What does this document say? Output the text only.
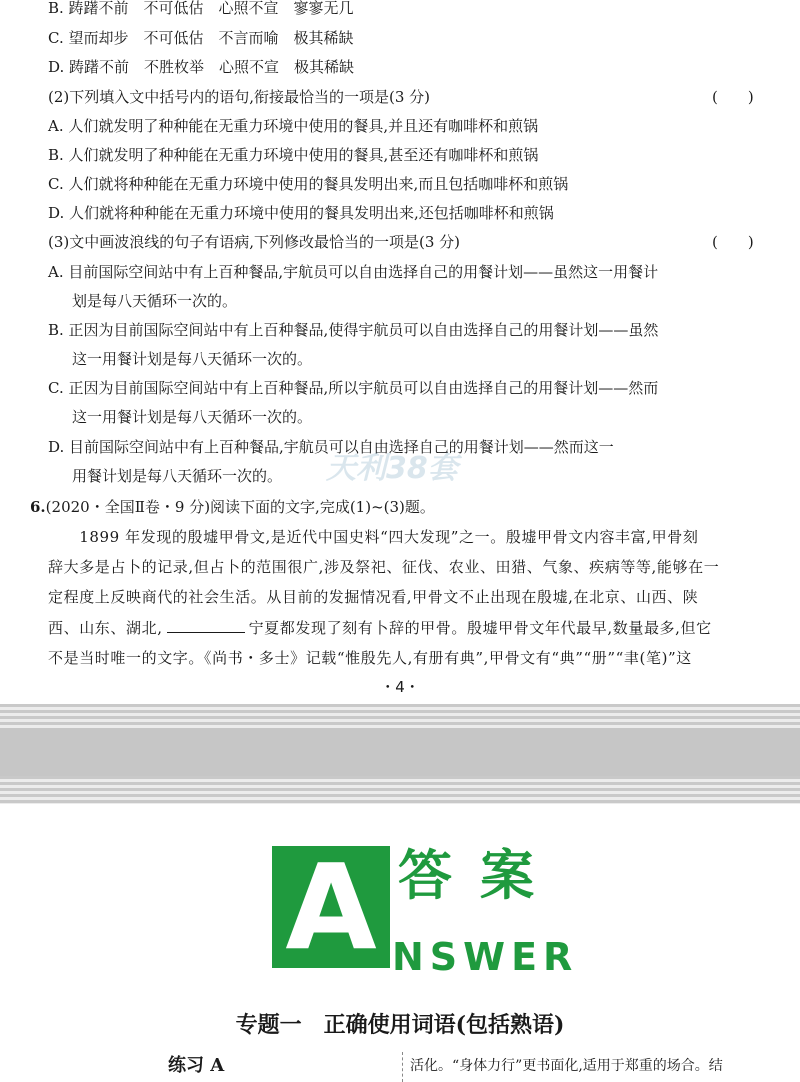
B. 踌躇不前　不可低估　心照不宣　寥寥无几
C. 望而却步　不可低估　不言而喻　极其稀缺
D. 踌躇不前　不胜枚举　心照不宣　极其稀缺
(2)下列填入文中括号内的语句,衔接最恰当的一项是(3 分)	(　　)
A. 人们就发明了种种能在无重力环境中使用的餐具,并且还有咖啡杯和煎锅
B. 人们就发明了种种能在无重力环境中使用的餐具,甚至还有咖啡杯和煎锅
C. 人们就将种种能在无重力环境中使用的餐具发明出来,而且包括咖啡杯和煎锅
D. 人们就将种种能在无重力环境中使用的餐具发明出来,还包括咖啡杯和煎锅
(3)文中画波浪线的句子有语病,下列修改最恰当的一项是(3 分)	(　　)
A. 目前国际空间站中有上百种餐品,宇航员可以自由选择自己的用餐计划——虽然这一用餐计
划是每八天循环一次的。
B. 正因为目前国际空间站中有上百种餐品,使得宇航员可以自由选择自己的用餐计划——虽然
这一用餐计划是每八天循环一次的。
C. 正因为目前国际空间站中有上百种餐品,所以宇航员可以自由选择自己的用餐计划——然而
这一用餐计划是每八天循环一次的。
D. 目前国际空间站中有上百种餐品,宇航员可以自由选择自己的用餐计划——然而这一
用餐计划是每八天循环一次的。 天利38套
6.(2020・全国Ⅱ卷・9 分)阅读下面的文字,完成(1)~(3)题。
　　1899 年发现的殷墟甲骨文,是近代中国史料“四大发现”之一。殷墟甲骨文内容丰富,甲骨刻
辞大多是占卜的记录,但占卜的范围很广,涉及祭祀、征伐、农业、田猎、气象、疾病等等,能够在一
定程度上反映商代的社会生活。从目前的发掘情况看,甲骨文不止出现在殷墟,在北京、山西、陕
西、山东、湖北,	宁夏都发现了刻有卜辞的甲骨。殷墟甲骨文年代最早,数量最多,但它
不是当时唯一的文字。《尚书・多士》记载“惟殷先人,有册有典”,甲骨文有“典”“册”“聿(笔)”这
・4・
A 答案
NSWER
专题一　正确使用词语(包括熟语)
练习 A	活化。“身体力行”更书面化,适用于郑重的场合。结
